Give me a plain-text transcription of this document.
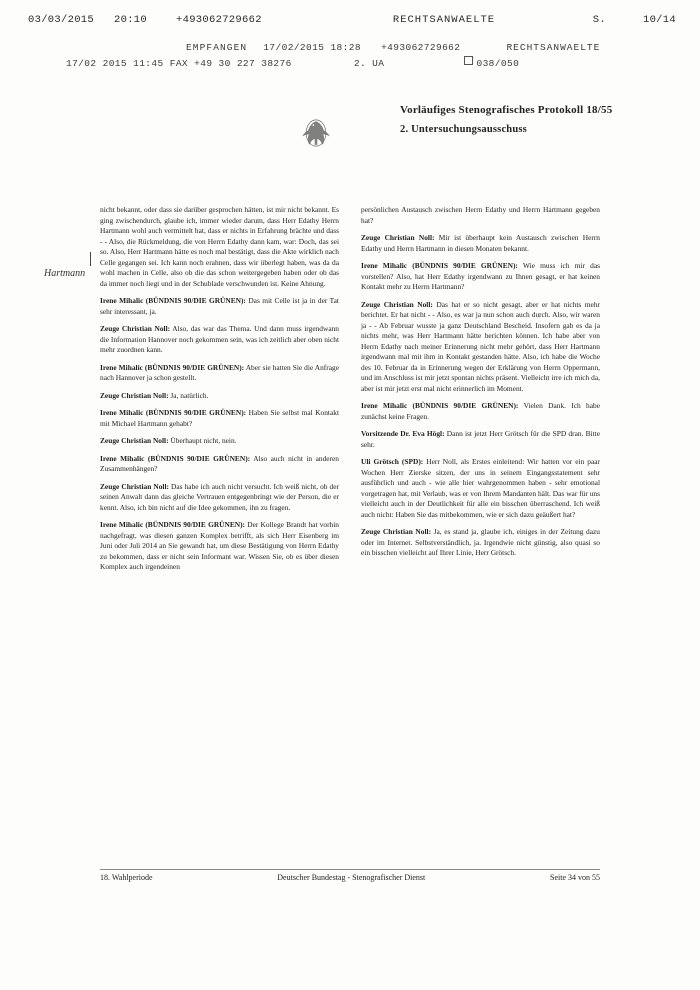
03/03/2015	20:10	+493062729662	RECHTSANWAELTE	S.	10/14
EMPFANGEN 17/02/2015 18:28 +493062729662	RECHTSANWAELTE
17/02 2015 11:45 FAX +49 30 227 38276	2. UA	038/050
Vorläufiges Stenografisches Protokoll 18/55
2. Untersuchungsausschuss
Hartmann
nicht bekannt, oder dass sie darüber gesprochen hätten, ist mir nicht bekannt. Es ging zwischendurch, glaube ich, immer wieder darum, dass Herr Edathy Herrn Hartmann wohl auch vermittelt hat, dass er nichts in Erfahrung brächte und dass - - Also, die Rückmeldung, die von Herrn Edathy dann kam, war: Doch, das sei so. Also, Herr Hartmann hätte es noch mal bestätigt, dass die Akte wirklich nach Celle gegangen sei. Ich kann noch erahnen, dass wir überlegt haben, was da da wohl machen in Celle, also ob die das schon weitergegeben haben oder ob das da immer noch liegt und in der Schublade verschwunden ist. Keine Ahnung.
Irene Mihalic (BÜNDNIS 90/DIE GRÜNEN): Das mit Celle ist ja in der Tat sehr interessant, ja.
Zeuge Christian Noll: Also, das war das Thema. Und dann muss irgendwann die Information Hannover noch gekommen sein, was ich zeitlich aber oben nicht mehr zuordnen kann.
Irene Mihalic (BÜNDNIS 90/DIE GRÜNEN): Aber sie hatten Sie die Anfrage nach Hannover ja schon gestellt.
Zeuge Christian Noll: Ja, natürlich.
Irene Mihalic (BÜNDNIS 90/DIE GRÜNEN): Haben Sie selbst mal Kontakt mit Michael Hartmann gehabt?
Zeuge Christian Noll: Überhaupt nicht, nein.
Irene Mihalic (BÜNDNIS 90/DIE GRÜNEN): Also auch nicht in anderen Zusammenhängen?
Zeuge Christian Noll: Das habe ich auch nicht versucht. Ich weiß nicht, ob der seinen Anwalt dann das gleiche Vertrauen entgegenbringt wie der Person, die er kennt. Also, ich bin nicht auf die Idee gekommen, ihn zu fragen.
Irene Mihalic (BÜNDNIS 90/DIE GRÜNEN): Der Kollege Brandt hat vorhin nachgefragt, was diesen ganzen Komplex betrifft, als sich Herr Eisenberg im Juni oder Juli 2014 an Sie gewandt hat, um diese Bestätigung von Herrn Edathy zu bekommen, dass er nicht sein Informant war. Wissen Sie, ob es über diesen Komplex auch irgendeinen
persönlichen Austausch zwischen Herrn Edathy und Herrn Hartmann gegeben hat?
Zeuge Christian Noll: Mir ist überhaupt kein Austausch zwischen Herrn Edathy und Herrn Hartmann in diesen Monaten bekannt.
Irene Mihalic (BÜNDNIS 90/DIE GRÜNEN): Wie muss ich mir das vorstellen? Also, hat Herr Edathy irgendwann zu Ihnen gesagt, er hat keinen Kontakt mehr zu Herrn Hartmann?
Zeuge Christian Noll: Das hat er so nicht gesagt, aber er hat nichts mehr berichtet. Er hat nicht - - Also, es war ja nun schon auch durch. Also, wir waren ja - - Ab Februar wusste ja ganz Deutschland Bescheid. Insofern gab es da ja nichts mehr, was Herr Hartmann hätte berichten können. Ich habe aber von Herrn Edathy nach meiner Erinnerung nicht mehr gehört, dass Herr Hartmann irgendwann mal mit ihm in Kontakt gestanden hätte. Also, ich habe die Woche des 10. Februar da in Erinnerung wegen der Erklärung von Herrn Oppermann, und im Anschluss ist mir jetzt spontan nichts präsent. Vielleicht irre ich mich da, aber ist mir jetzt erst mal nicht erinnerlich im Moment.
Irene Mihalic (BÜNDNIS 90/DIE GRÜNEN): Vielen Dank. Ich habe zunächst keine Fragen.
Vorsitzende Dr. Eva Högl: Dann ist jetzt Herr Grötsch für die SPD dran. Bitte sehr.
Uli Grötsch (SPD): Herr Noll, als Erstes einleitend: Wir hatten vor ein paar Wochen Herr Zierske sitzen, der uns in seinem Eingangsstatement sehr ausführlich und auch - wie alle hier wahrgenommen haben - sehr emotional vorgetragen hat, mit Verlaub, was er von Ihrem Mandanten hält. Das war für uns vielleicht auch in der Deutlichkeit für alle ein bisschen überraschend. Ich weiß auch nicht: Haben Sie das mitbekommen, wie er sich dazu geäußert hat?
Zeuge Christian Noll: Ja, es stand ja, glaube ich, einiges in der Zeitung dazu oder im Internet. Selbstverständlich, ja. Irgendwie nicht günstig, also quasi so ein bisschen vielleicht auf Ihrer Linie, Herr Grötsch.
18. Wahlperiode	Deutscher Bundestag - Stenografischer Dienst	Seite 34 von 55
